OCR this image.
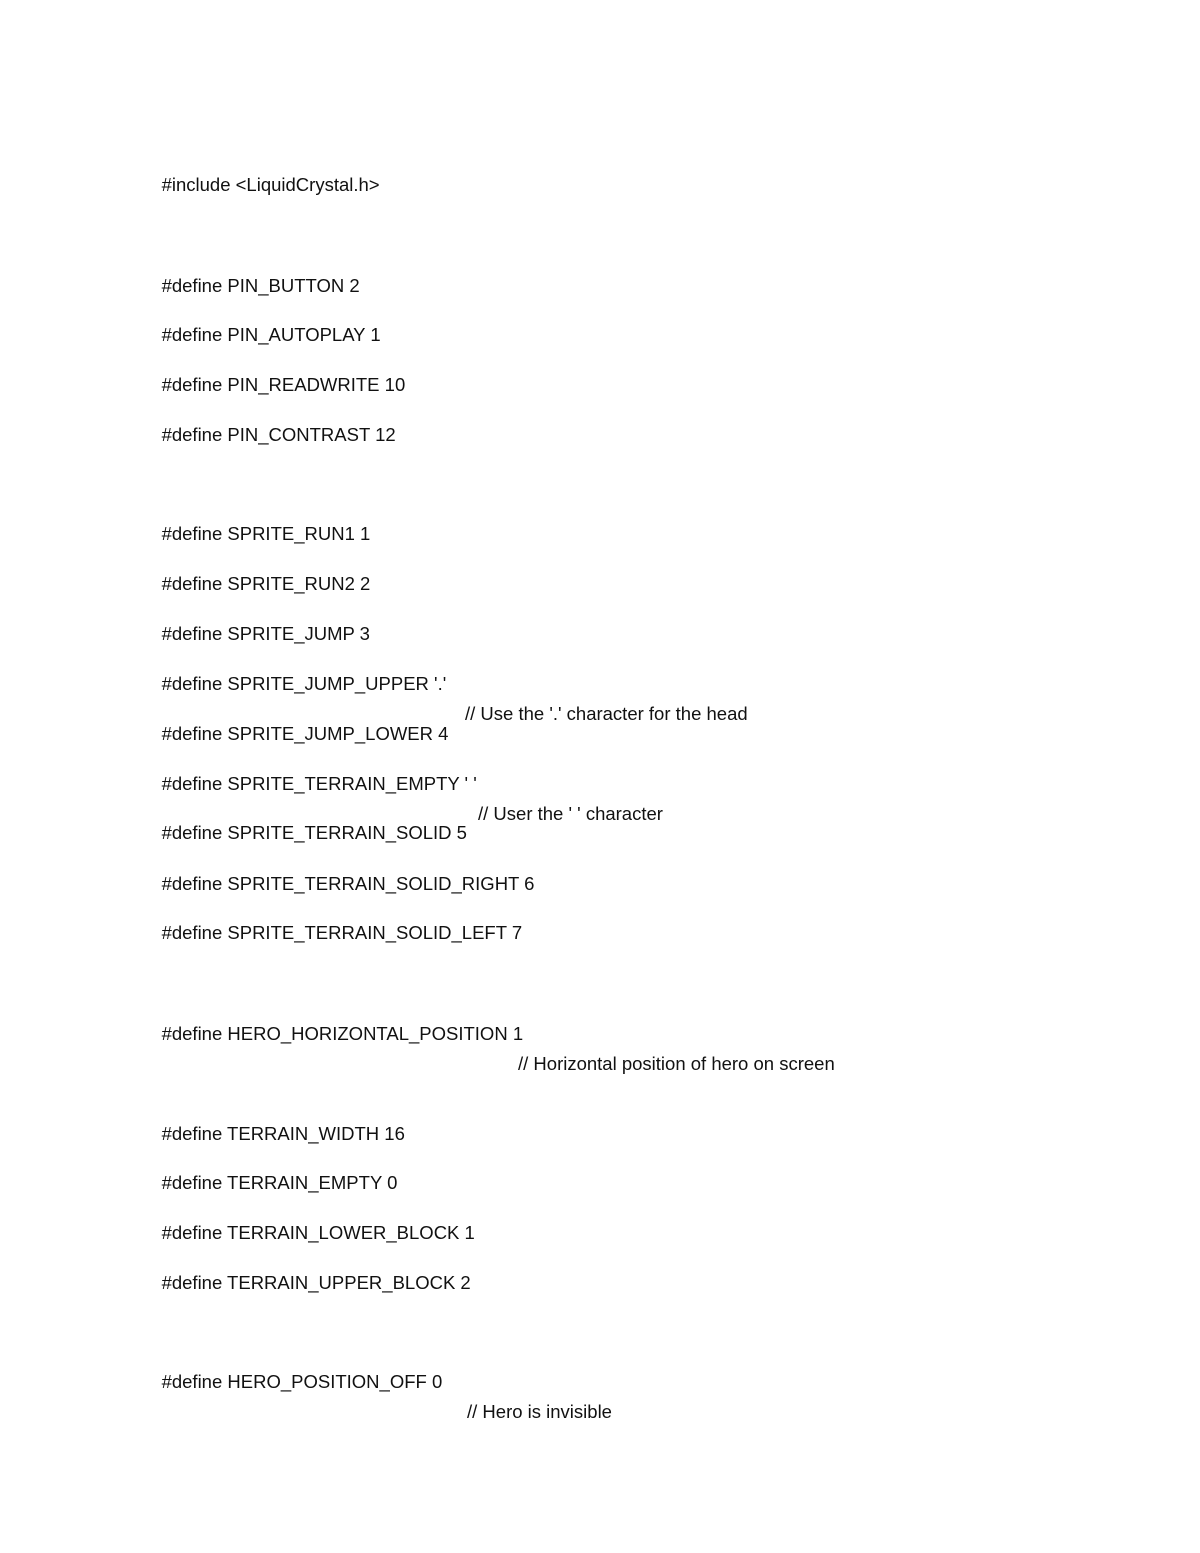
#include <LiquidCrystal.h>

#define PIN_BUTTON 2

#define PIN_AUTOPLAY 1

#define PIN_READWRITE 10

#define PIN_CONTRAST 12

#define SPRITE_RUN1 1

#define SPRITE_RUN2 2

#define SPRITE_JUMP 3

#define SPRITE_JUMP_UPPER '.'

// Use the '.' character for the head

#define SPRITE_JUMP_LOWER 4

#define SPRITE_TERRAIN_EMPTY ' '

// User the ' ' character

#define SPRITE_TERRAIN_SOLID 5

#define SPRITE_TERRAIN_SOLID_RIGHT 6

#define SPRITE_TERRAIN_SOLID_LEFT 7

#define HERO_HORIZONTAL_POSITION 1

// Horizontal position of hero on screen

#define TERRAIN_WIDTH 16

#define TERRAIN_EMPTY 0

#define TERRAIN_LOWER_BLOCK 1

#define TERRAIN_UPPER_BLOCK 2

#define HERO_POSITION_OFF 0

// Hero is invisible
